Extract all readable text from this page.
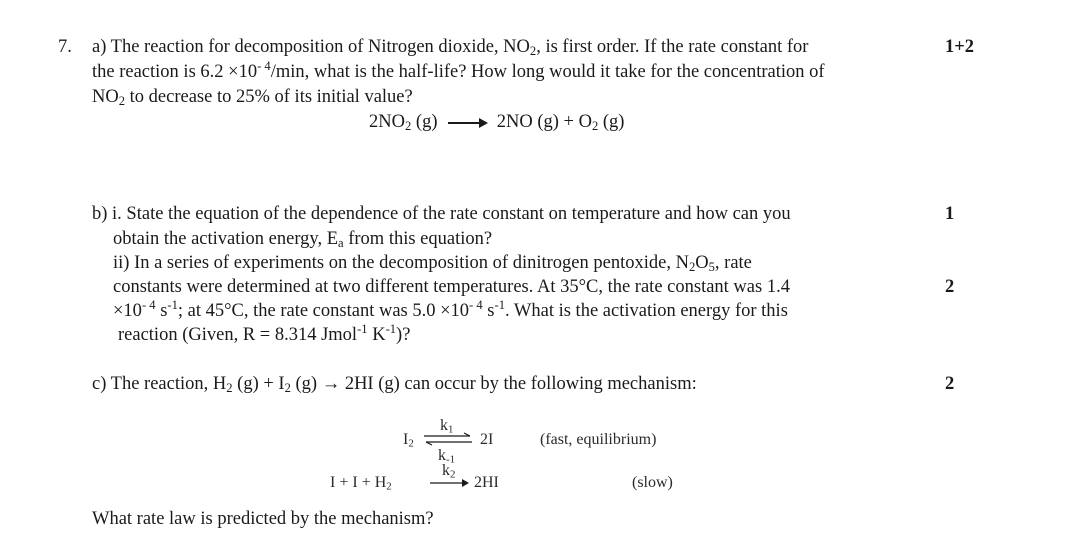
7. a) The reaction for decomposition of Nitrogen dioxide, $NO_2$, is first order. If the rate constant for	1+2
the reaction is $6.2 \times 10^{- 4}/\min$, what is the half-life? How long would it take for the concentration of
$NO_2$ to decrease to 25% of its initial value?
$2NO_2$ (g) → 2NO $(g) + O_2$ (g)
b) i. State the equation of the dependence of the rate constant on temperature and how can you	1
obtain the activation energy, $E_a$ from this equation?
ii) In a series of experiments on the decomposition of dinitrogen pentoxide, $N_2O_5$, rate
constants were determined at two different temperatures. At 35°C, the rate constant was 1.4	2
$\times 10^{- 4}$ $s^{-1}$; at 45°C, the rate constant was $5.0 \times 10^{- 4}$ $s^{-1}$. What is the activation energy for this
reaction (Given, R = 8.314 Jmol$^{-1}$ $K^{-1}$)?
c) The reaction, $H_2$ $(g) + I_2$ (g) → 2HI (g) can occur by the following mechanism:	2
$I_2$
$k_1$
$k_{-1}$
2I	(fast, equilibrium)
$I + I + H_2$
$k_2$ 2HI	(slow)
What rate law is predicted by the mechanism?
